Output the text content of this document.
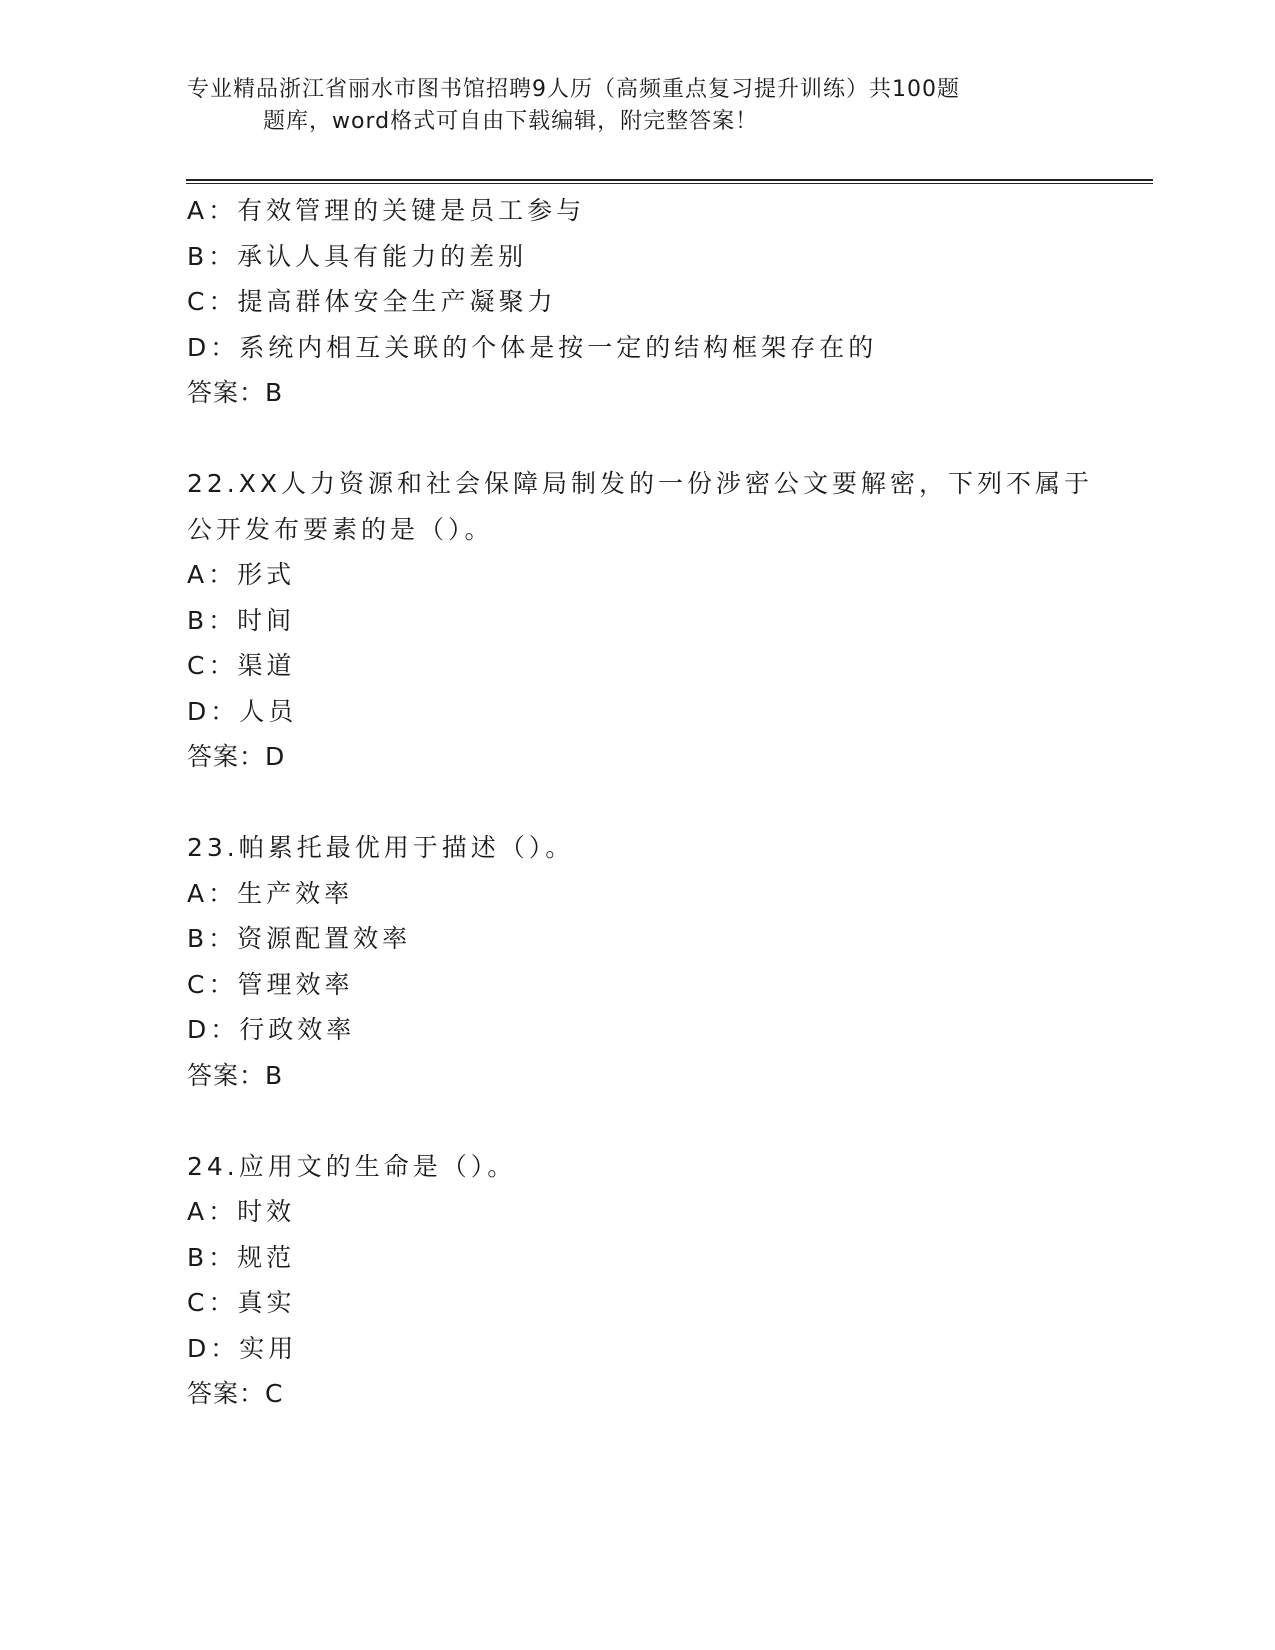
专业精品浙江省丽水市图书馆招聘9人历（高频重点复习提升训练）共100题
题库，word格式可自由下载编辑，附完整答案！
A：有效管理的关键是员工参与
B：承认人具有能力的差别
C：提高群体安全生产凝聚力
D：系统内相互关联的个体是按一定的结构框架存在的
答案：B
22.XX人力资源和社会保障局制发的一份涉密公文要解密，下列不属于
公开发布要素的是（）。
A：形式
B：时间
C：渠道
D：人员
答案：D
23.帕累托最优用于描述（）。
A：生产效率
B：资源配置效率
C：管理效率
D：行政效率
答案：B
24.应用文的生命是（）。
A：时效
B：规范
C：真实
D：实用
答案：C
